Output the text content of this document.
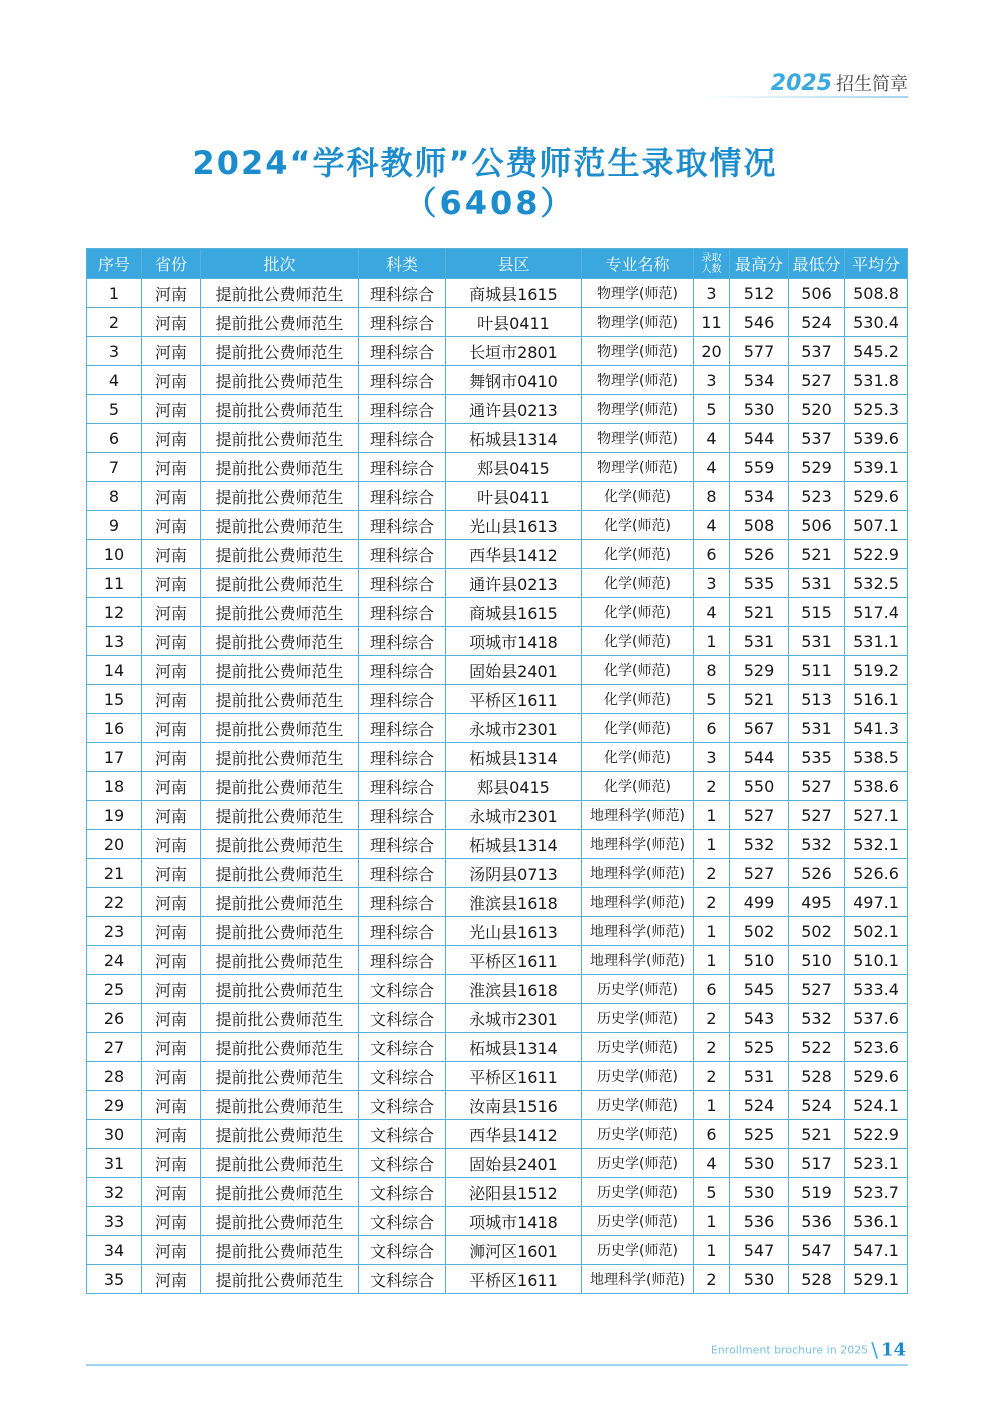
2025 招生简章
2024“学科教师”公费师范生录取情况
（6408）
序号	省份	批次	科类	县区	专业名称	录取
人数	最高分	最低分	平均分
1	河南	提前批公费师范生	理科综合	商城县1615	物理学(师范)	3	512	506	508.8
2	河南	提前批公费师范生	理科综合	叶县0411	物理学(师范)	11	546	524	530.4
3	河南	提前批公费师范生	理科综合	长垣市2801	物理学(师范)	20	577	537	545.2
4	河南	提前批公费师范生	理科综合	舞钢市0410	物理学(师范)	3	534	527	531.8
5	河南	提前批公费师范生	理科综合	通许县0213	物理学(师范)	5	530	520	525.3
6	河南	提前批公费师范生	理科综合	柘城县1314	物理学(师范)	4	544	537	539.6
7	河南	提前批公费师范生	理科综合	郏县0415	物理学(师范)	4	559	529	539.1
8	河南	提前批公费师范生	理科综合	叶县0411	化学(师范)	8	534	523	529.6
9	河南	提前批公费师范生	理科综合	光山县1613	化学(师范)	4	508	506	507.1
10	河南	提前批公费师范生	理科综合	西华县1412	化学(师范)	6	526	521	522.9
11	河南	提前批公费师范生	理科综合	通许县0213	化学(师范)	3	535	531	532.5
12	河南	提前批公费师范生	理科综合	商城县1615	化学(师范)	4	521	515	517.4
13	河南	提前批公费师范生	理科综合	项城市1418	化学(师范)	1	531	531	531.1
14	河南	提前批公费师范生	理科综合	固始县2401	化学(师范)	8	529	511	519.2
15	河南	提前批公费师范生	理科综合	平桥区1611	化学(师范)	5	521	513	516.1
16	河南	提前批公费师范生	理科综合	永城市2301	化学(师范)	6	567	531	541.3
17	河南	提前批公费师范生	理科综合	柘城县1314	化学(师范)	3	544	535	538.5
18	河南	提前批公费师范生	理科综合	郏县0415	化学(师范)	2	550	527	538.6
19	河南	提前批公费师范生	理科综合	永城市2301	地理科学(师范)	1	527	527	527.1
20	河南	提前批公费师范生	理科综合	柘城县1314	地理科学(师范)	1	532	532	532.1
21	河南	提前批公费师范生	理科综合	汤阴县0713	地理科学(师范)	2	527	526	526.6
22	河南	提前批公费师范生	理科综合	淮滨县1618	地理科学(师范)	2	499	495	497.1
23	河南	提前批公费师范生	理科综合	光山县1613	地理科学(师范)	1	502	502	502.1
24	河南	提前批公费师范生	理科综合	平桥区1611	地理科学(师范)	1	510	510	510.1
25	河南	提前批公费师范生	文科综合	淮滨县1618	历史学(师范)	6	545	527	533.4
26	河南	提前批公费师范生	文科综合	永城市2301	历史学(师范)	2	543	532	537.6
27	河南	提前批公费师范生	文科综合	柘城县1314	历史学(师范)	2	525	522	523.6
28	河南	提前批公费师范生	文科综合	平桥区1611	历史学(师范)	2	531	528	529.6
29	河南	提前批公费师范生	文科综合	汝南县1516	历史学(师范)	1	524	524	524.1
30	河南	提前批公费师范生	文科综合	西华县1412	历史学(师范)	6	525	521	522.9
31	河南	提前批公费师范生	文科综合	固始县2401	历史学(师范)	4	530	517	523.1
32	河南	提前批公费师范生	文科综合	泌阳县1512	历史学(师范)	5	530	519	523.7
33	河南	提前批公费师范生	文科综合	项城市1418	历史学(师范)	1	536	536	536.1
34	河南	提前批公费师范生	文科综合	浉河区1601	历史学(师范)	1	547	547	547.1
35	河南	提前批公费师范生	文科综合	平桥区1611	地理科学(师范)	2	530	528	529.1
Enrollment brochure in 2025 \ 14
